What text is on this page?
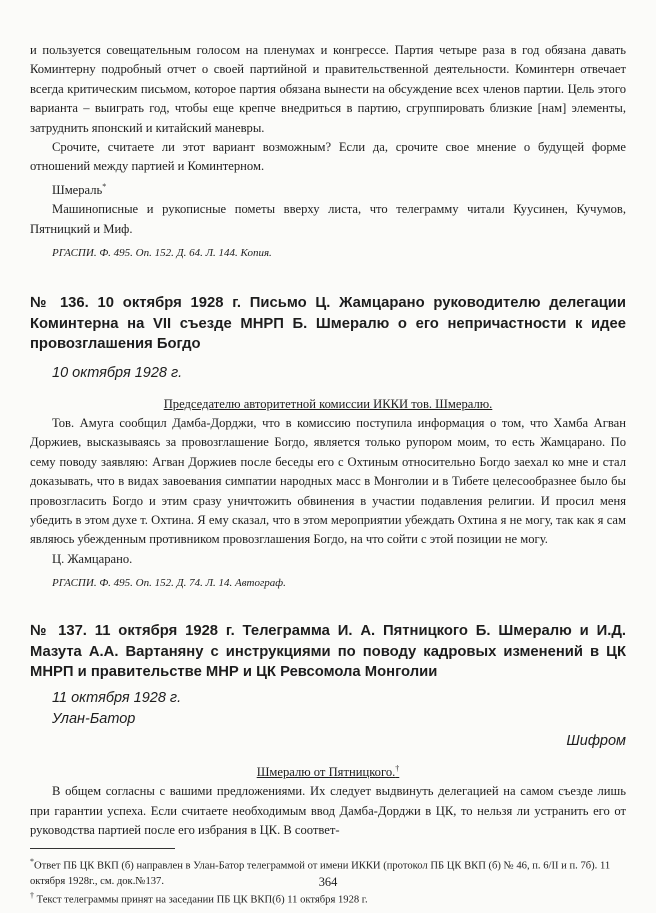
и пользуется совещательным голосом на пленумах и конгрессе. Партия четыре раза в год обязана давать Коминтерну подробный отчет о своей партийной и правительственной деятельности. Коминтерн отвечает всегда критическим письмом, которое партия обязана вынести на обсуждение всех членов партии. Цель этого варианта – выиграть год, чтобы еще крепче внедриться в партию, сгруппировать близкие [нам] элементы, затруднить японский и китайский маневры.

Срочите, считаете ли этот вариант возможным? Если да, срочите свое мнение о будущей форме отношений между партией и Коминтерном.

Шмераль*

Машинописные и рукописные пометы вверху листа, что телеграмму читали Куусинен, Кучумов, Пятницкий и Миф.

РГАСПИ. Ф. 495. Оп. 152. Д. 64. Л. 144. Копия.

№ 136. 10 октября 1928 г. Письмо Ц. Жамцарано руководителю делегации Коминтерна на VII съезде МНРП Б. Шмералю о его непричастности к идее провозглашения Богдо

10 октября 1928 г.

Председателю авторитетной комиссии ИККИ тов. Шмералю.

Тов. Амуга сообщил Дамба-Дорджи, что в комиссию поступила информация о том, что Хамба Агван Доржиев, высказываясь за провозглашение Богдо, является только рупором моим, то есть Жамцарано. По сему поводу заявляю: Агван Доржиев после беседы его с Охтиным относительно Богдо заехал ко мне и стал доказывать, что в видах завоевания симпатии народных масс в Монголии и в Тибете целесообразнее было бы провозгласить Богдо и этим сразу уничтожить обвинения в участии подавления религии. И просил меня убедить в этом духе т. Охтина. Я ему сказал, что в этом мероприятии убеждать Охтина я не могу, так как я сам являюсь убежденным противником провозглашения Богдо, на что сойти с этой позиции не могу.

Ц. Жамцарано.

РГАСПИ. Ф. 495. Оп. 152. Д. 74. Л. 14. Автограф.

№ 137. 11 октября 1928 г. Телеграмма И. А. Пятницкого Б. Шмералю и И.Д. Мазута А.А. Вартаняну с инструкциями по поводу кадровых изменений в ЦК МНРП и правительстве МНР и ЦК Ревсомола Монголии

11 октября 1928 г.

Улан-Батор

Шифром

Шмералю от Пятницкого.†

В общем согласны с вашими предложениями. Их следует выдвинуть делегацией на самом съезде лишь при гарантии успеха. Если считаете необходимым ввод Дамба-Дорджи в ЦК, то нельзя ли устранить его от руководства партией после его избрания в ЦК. В соответ-

*Ответ ПБ ЦК ВКП (б) направлен в Улан-Батор телеграммой от имени ИККИ (протокол ПБ ЦК ВКП (б) № 46, п. 6/II и п. 7б). 11 октября 1928г., см. док.№137.

† Текст телеграммы принят на заседании ПБ ЦК ВКП(б) 11 октября 1928 г.

364
